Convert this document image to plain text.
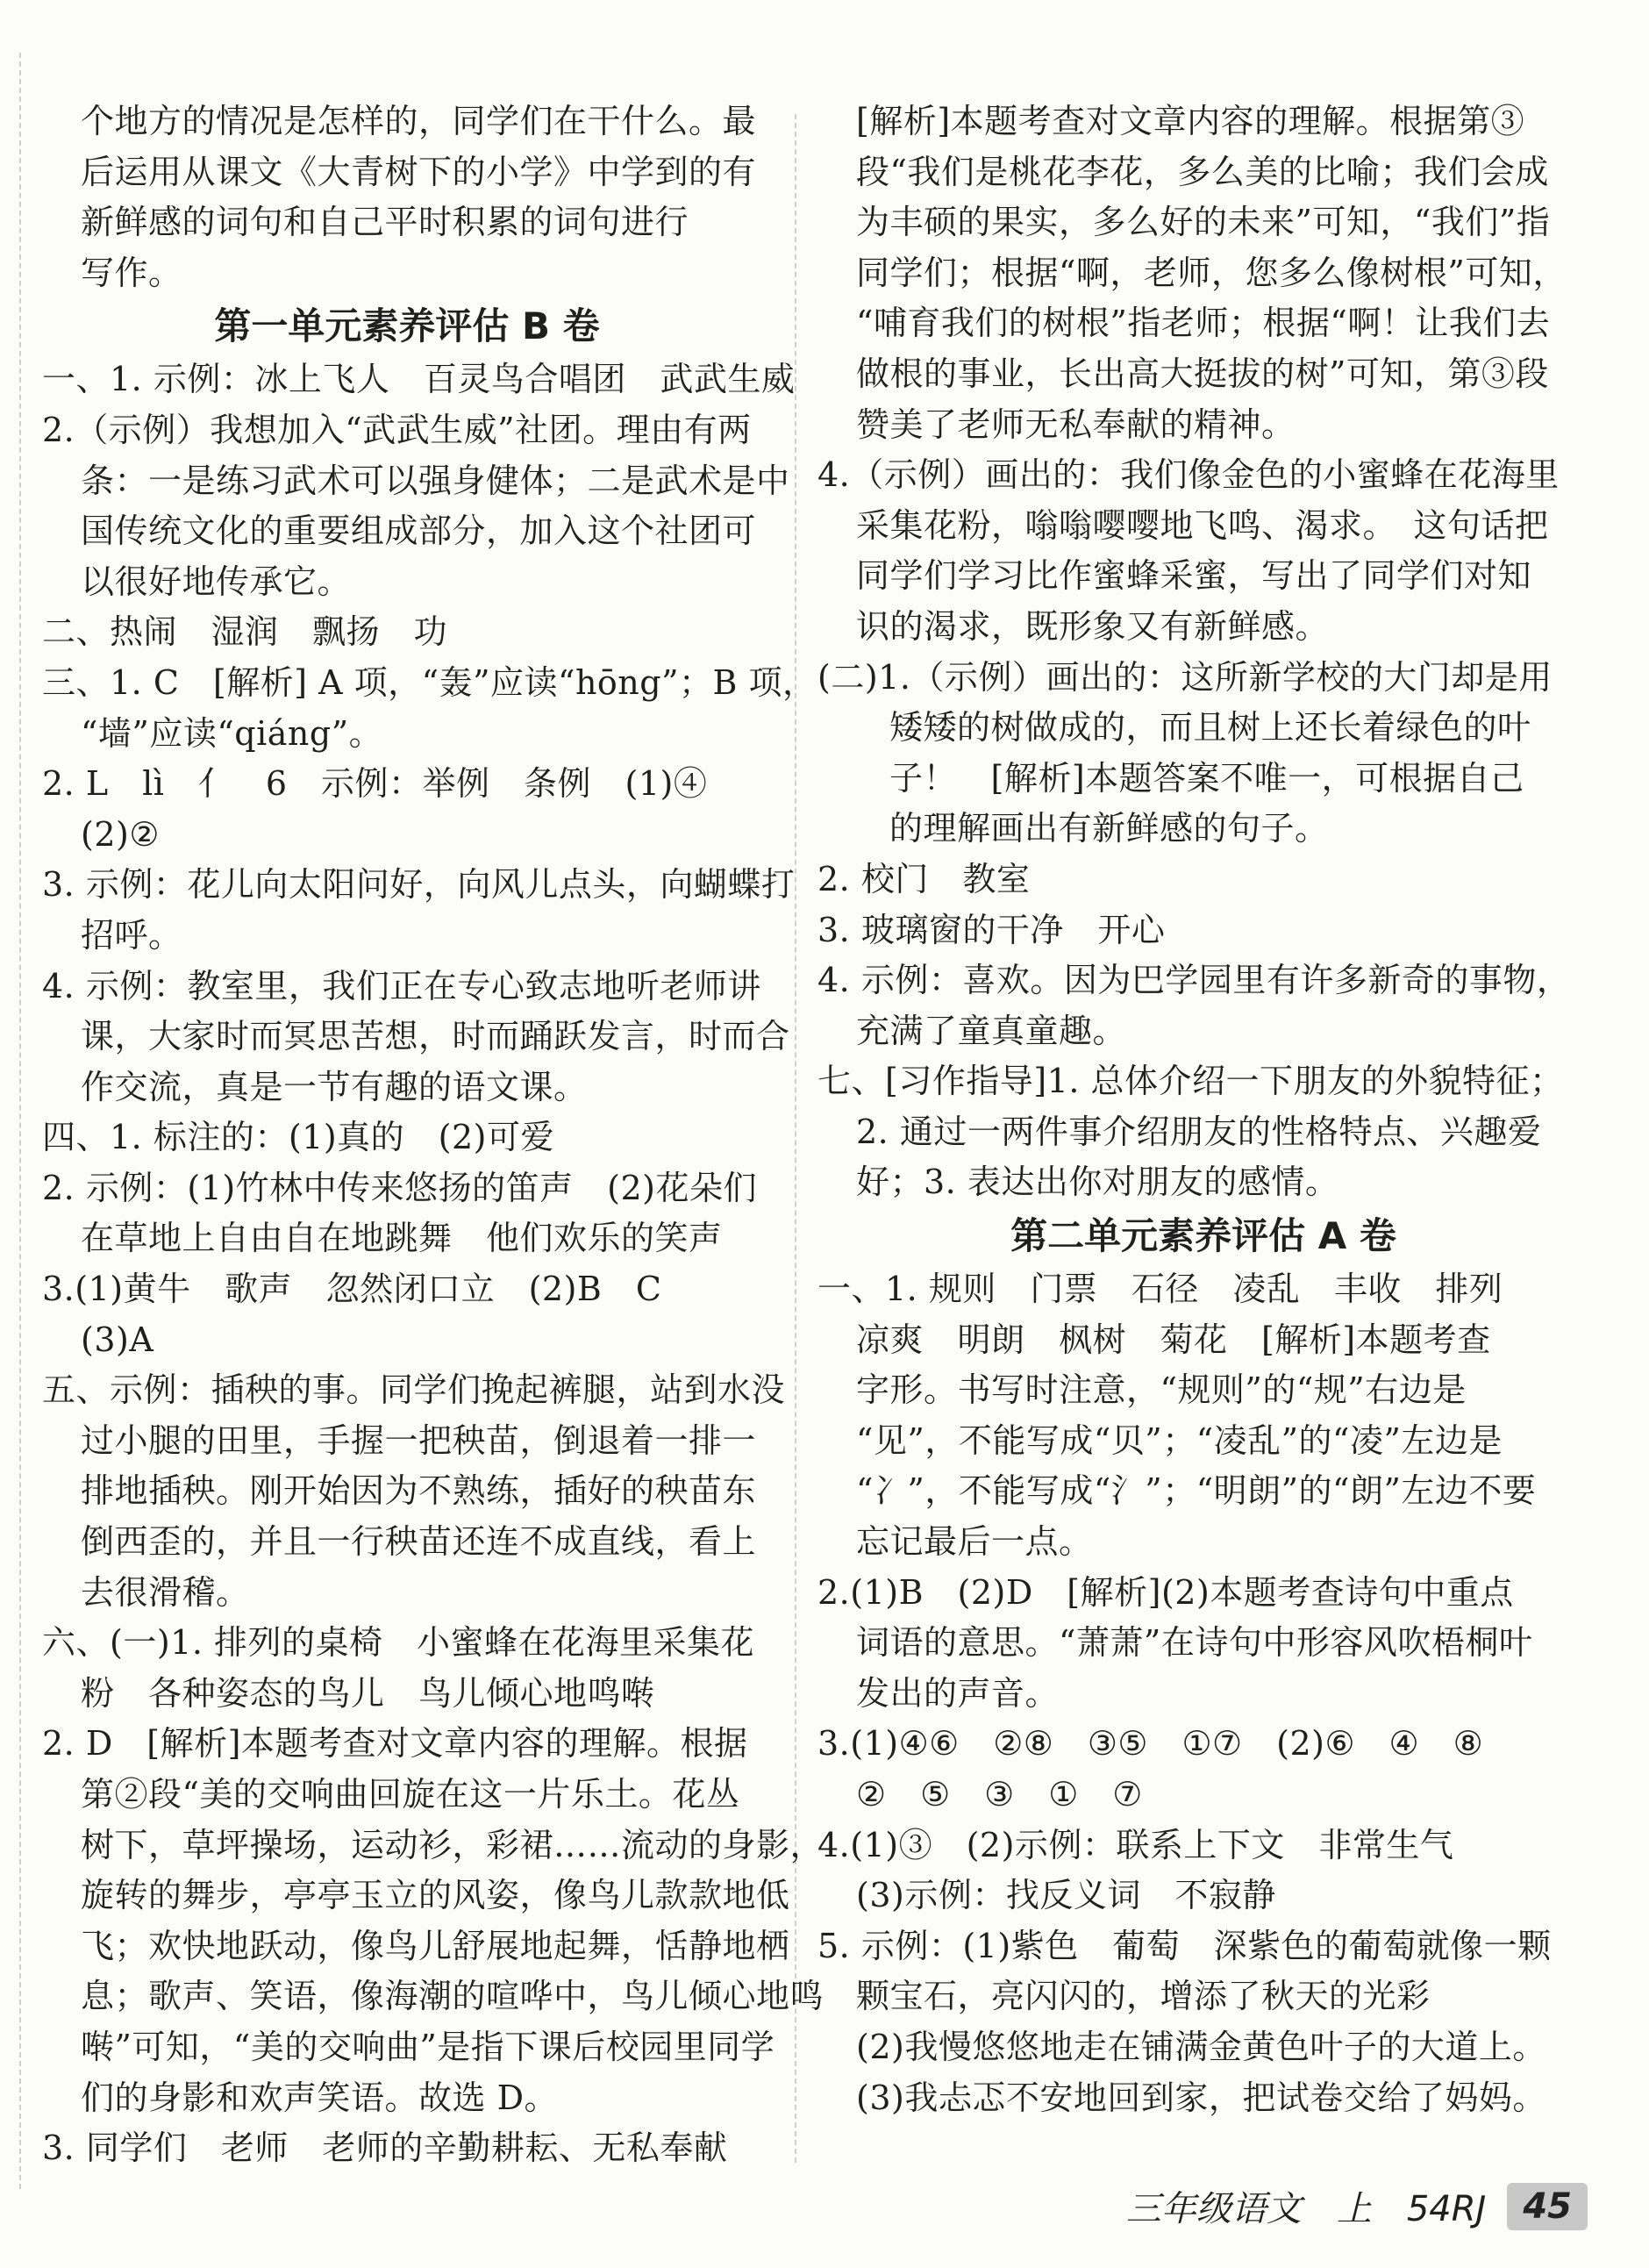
个地方的情况是怎样的，同学们在干什么。最
后运用从课文《大青树下的小学》中学到的有
新鲜感的词句和自己平时积累的词句进行
写作。
第一单元素养评估 B 卷
一、1. 示例：冰上飞人　百灵鸟合唱团　武武生威
2.（示例）我想加入“武武生威”社团。理由有两
条：一是练习武术可以强身健体；二是武术是中
国传统文化的重要组成部分，加入这个社团可
以很好地传承它。
二、热闹　湿润　飘扬　功
三、1. C　[解析] A 项，“轰”应读“hōng”；B 项，
“墙”应读“qiáng”。
2. L　lì　亻　6　示例：举例　条例　(1)④
(2)②
3. 示例：花儿向太阳问好，向风儿点头，向蝴蝶打
招呼。
4. 示例：教室里，我们正在专心致志地听老师讲
课，大家时而冥思苦想，时而踊跃发言，时而合
作交流，真是一节有趣的语文课。
四、1. 标注的：(1)真的　(2)可爱
2. 示例：(1)竹林中传来悠扬的笛声　(2)花朵们
在草地上自由自在地跳舞　他们欢乐的笑声
3.(1)黄牛　歌声　忽然闭口立　(2)B　C
(3)A
五、示例：插秧的事。同学们挽起裤腿，站到水没
过小腿的田里，手握一把秧苗，倒退着一排一
排地插秧。刚开始因为不熟练，插好的秧苗东
倒西歪的，并且一行秧苗还连不成直线，看上
去很滑稽。
六、(一)1. 排列的桌椅　小蜜蜂在花海里采集花
粉　各种姿态的鸟儿　鸟儿倾心地鸣啭
2. D　[解析]本题考查对文章内容的理解。根据
第②段“美的交响曲回旋在这一片乐土。花丛
树下，草坪操场，运动衫，彩裙……流动的身影，
旋转的舞步，亭亭玉立的风姿，像鸟儿款款地低
飞；欢快地跃动，像鸟儿舒展地起舞，恬静地栖
息；歌声、笑语，像海潮的喧哗中，鸟儿倾心地鸣
啭”可知，“美的交响曲”是指下课后校园里同学
们的身影和欢声笑语。故选 D。
3. 同学们　老师　老师的辛勤耕耘、无私奉献
[解析]本题考查对文章内容的理解。根据第③
段“我们是桃花李花，多么美的比喻；我们会成
为丰硕的果实，多么好的未来”可知，“我们”指
同学们；根据“啊，老师，您多么像树根”可知，
“哺育我们的树根”指老师；根据“啊！让我们去
做根的事业，长出高大挺拔的树”可知，第③段
赞美了老师无私奉献的精神。
4.（示例）画出的：我们像金色的小蜜蜂在花海里
采集花粉，嗡嗡嘤嘤地飞鸣、渴求。　这句话把
同学们学习比作蜜蜂采蜜，写出了同学们对知
识的渴求，既形象又有新鲜感。
(二)1.（示例）画出的：这所新学校的大门却是用
矮矮的树做成的，而且树上还长着绿色的叶
子！　[解析]本题答案不唯一，可根据自己
的理解画出有新鲜感的句子。
2. 校门　教室
3. 玻璃窗的干净　开心
4. 示例：喜欢。因为巴学园里有许多新奇的事物，
充满了童真童趣。
七、[习作指导]1. 总体介绍一下朋友的外貌特征；
2. 通过一两件事介绍朋友的性格特点、兴趣爱
好；3. 表达出你对朋友的感情。
第二单元素养评估 A 卷
一、1. 规则　门票　石径　凌乱　丰收　排列
凉爽　明朗　枫树　菊花　[解析]本题考查
字形。书写时注意，“规则”的“规”右边是
“见”，不能写成“贝”；“凌乱”的“凌”左边是
“冫”，不能写成“氵”；“明朗”的“朗”左边不要
忘记最后一点。
2.(1)B　(2)D　[解析](2)本题考查诗句中重点
词语的意思。“萧萧”在诗句中形容风吹梧桐叶
发出的声音。
3.(1)④⑥　②⑧　③⑤　①⑦　(2)⑥　④　⑧
②　⑤　③　①　⑦
4.(1)③　(2)示例：联系上下文　非常生气
(3)示例：找反义词　不寂静
5. 示例：(1)紫色　葡萄　深紫色的葡萄就像一颗
颗宝石，亮闪闪的，增添了秋天的光彩
(2)我慢悠悠地走在铺满金黄色叶子的大道上。
(3)我忐忑不安地回到家，把试卷交给了妈妈。
三年级语文　上　54RJ	45
